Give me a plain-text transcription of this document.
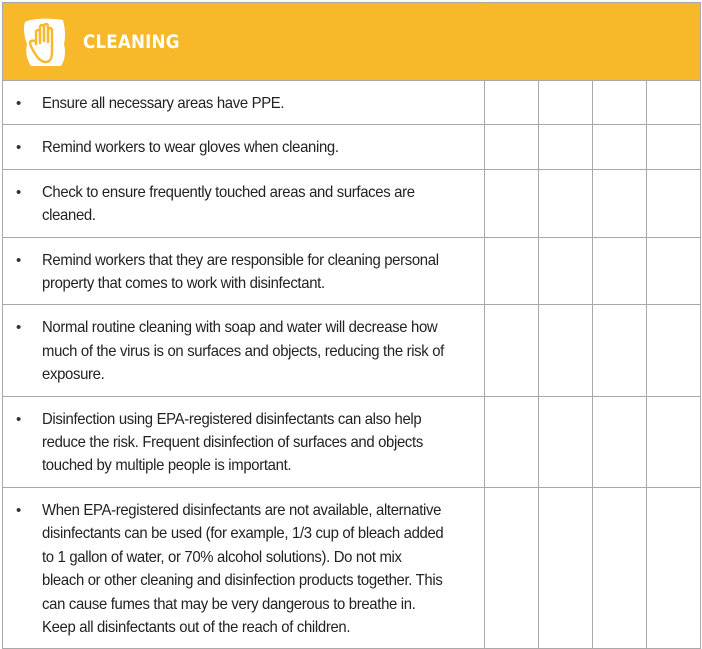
CLEANING				

• Ensure all necessary areas have PPE.				

• Remind workers to wear gloves when cleaning.				

• Check to ensure frequently touched areas and surfaces are cleaned.				

• Remind workers that they are responsible for cleaning personal property that comes to work with disinfectant.				

• Normal routine cleaning with soap and water will decrease how much of the virus is on surfaces and objects, reducing the risk of exposure.				

• Disinfection using EPA-registered disinfectants can also help reduce the risk. Frequent disinfection of surfaces and objects touched by multiple people is important.				

• When EPA-registered disinfectants are not available, alternative disinfectants can be used (for example, 1/3 cup of bleach added to 1 gallon of water, or 70% alcohol solutions). Do not mix bleach or other cleaning and disinfection products together. This can cause fumes that may be very dangerous to breathe in. Keep all disinfectants out of the reach of children.				
